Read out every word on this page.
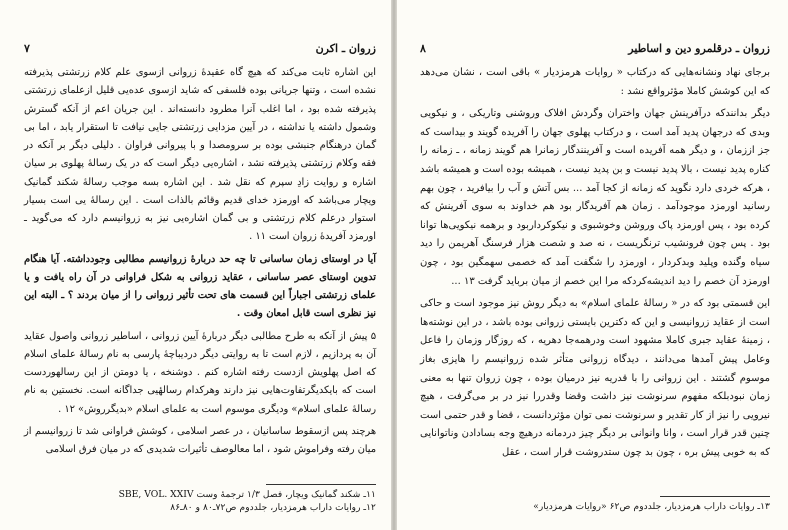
زروان ـ اکرن
۷

این اشاره ثابت می‌کند که هیچ گاه عقیدهٔ زروانی ازسوی علم کلام زرتشتی پذیرفته نشده است ، وتنها جریانی بوده فلسفی که شاید ازسوی عده‌یی قلیل ازعلمای زرتشتی پذیرفته شده بود ، اما اغلب آنرا مطرود دانسته‌اند . این جریان اعم از آنکه گسترش وشمول داشته یا نداشته ، در آیین مزدایی زرتشتی جایی نیافت تا استقرار یابد ، اما بی گمان درهنگام جنبشی بوده بر سرومصدا و با پیروانی فراوان . دلیلی دیگر بر آنکه در فقه وکلام زرتشتی پذیرفته نشد ، اشاره‌یی دیگر است که در یک رسالهٔ پهلوی بر سیان اشاره و روایت زادِ سپرم که نقل شد . این اشاره بسه موجب رسالهٔ شکند گمانیک ویچار می‌باشد که اورمزد خدای قدیم وقائم بالذات است . این رسالهٔ یی است بسیار استوار درعلم کلام زرتشتی و بی گمان اشاره‌یی نیز به زروانیسم دارد که می‌گوید ـ اورمزد آفریدهٔ زروان است ۱۱ .

آیا در اوستای زمان ساسانی تا چه حد دربارهٔ زروانیسم مطالبی وجودداشته. آیا هنگام تدوین اوستای عصر ساسانی ، عقاید زروانی به شکل فراوانی در آن راه یافت و یا علمای زرتشتی اجباراً این قسمت های تحت تأثیر زروانی را از میان بردند ؟ ـ البته این نیز نظری است قابل امعان وقت .

۵ پیش از آنکه به طرح مطالبی دیگر دربارهٔ آیین زروانی ، اساطیر زروانی واصول عقاید آن به پردازیم ، لازم است تا به روایتی دیگر دردیباچهٔ پارسی به نام رسالهٔ علمای اسلام که اصل پهلویش ازدست رفته اشاره کنم . دوشنخه ، یا دومتن از این رسالهوردست است که بایکدیگرتفاوت‌هایی نیز دارند وهرکدام رسالهٔیی جداگانه است. نخستین به نام رسالهٔ علمای اسلام» ودیگری موسوم است به علمای اسلام «بدیگرروش» ۱۲ .

هرچند پس ازسقوط ساسانیان ، در عصر اسلامی ، کوشش فراوانی شد تا زروانیسم از میان رفته وفراموش شود ، اما معالوصف تأثیرات شدیدی که در میان فرق اسلامی

۱۱ـ شکند گمانیک ویچار، فصل ۱/۳ ترجمهٔ وست SBE, VOL. XXIV

۱۲ـ روایات داراب هرمزدیار، جلددوم ص۷۲‌ـ۸۰ و ۸۰‌ـ۸۶

زروان ـ درقلمرو دین و اساطیر
۸

برجای نهاد ونشانه‌هایی که درکتاب « روایات هرمزدیار » باقی است ، نشان می‌دهد که این کوشش کاملا مؤثرواقع نشد :

دیگر بدانندکه درآفرینش جهان واختران وگردش افلاک وروشنی وتاریکی ، و نیکویی وبدی که درجهان پدید آمد است ، و درکتاب پهلوی جهان را آفریده گویند و بیداست که جز اززمان ، و دیگر همه آفریده است و آفرینندگار زمانرا هم گویند زمانه ، ـ زمانه را کناره پدید نیست ، بالا پدید نیست و بن پدید نیست ، همیشه بوده است و همیشه باشد ، هرکه خردی دارد نگوید که زمانه از کجا آمد ... بس آتش و آب را بیافرید ، چون بهم رسانید اورمزد موجودآمد . زمان هم آفریدگار بود هم خداوند به سوی آفرینش که کرده بود ، پس اورمزد پاک وروشن وخوشبوی و نیکوکرداربود و برهمه نیکویی‌ها توانا بود . پس چون فرونشیب ترنگریست ، نه صد و شصت هزار فرسنگ آهریمن را دید سیاه وگنده وپلید وبدکردار ، اورمزد را شگفت آمد که خصمی سهمگین بود ، چون اورمزد آن خصم را دید اندیشه‌کردکه مرا این خصم از میان برباید گرفت ۱۳ ...

این قسمتی بود که در « رسالهٔ علمای اسلام» به دیگر روش نیز موجود است و حاکی است از عقاید زروانیسی و این که دکترین بایستی زروانی بوده باشد ، در این نوشته‌ها ، زمینهٔ عقاید جبری کاملا مشهود است ودرهمه‌جا دهریه ، که روزگار وزمان را فاعل وعامل پیش آمدها می‌دانند ، دیدگاه زروانی متأثر شده زروانیسم را هایزی بغاز موسوم گشتند . این زروانی را با قدریه نیز درمیان بوده ، چون زروان تنها به معنی زمان نبودبلکه مفهوم سرنوشت نیز داشت وقضا وقدررا نیز در بر می‌گرفت ، هیچ نیرویی را نیز از کار تقدیر و سرنوشت نمی توان مؤثردانست ، قضا و قدر حتمی است چنین قدر قرار است ، وانا وانوانی بر دیگر چیز دردمانه درهیچ وجه بسادادن وناتوانایی که به خوبی پیش بره ، چون بد چون ستدروشت قرار است ، عقل

۱۳ـ روایات داراب هرمزدیار، جلددوم ص۶۲ «روایات هرمزدیار»
